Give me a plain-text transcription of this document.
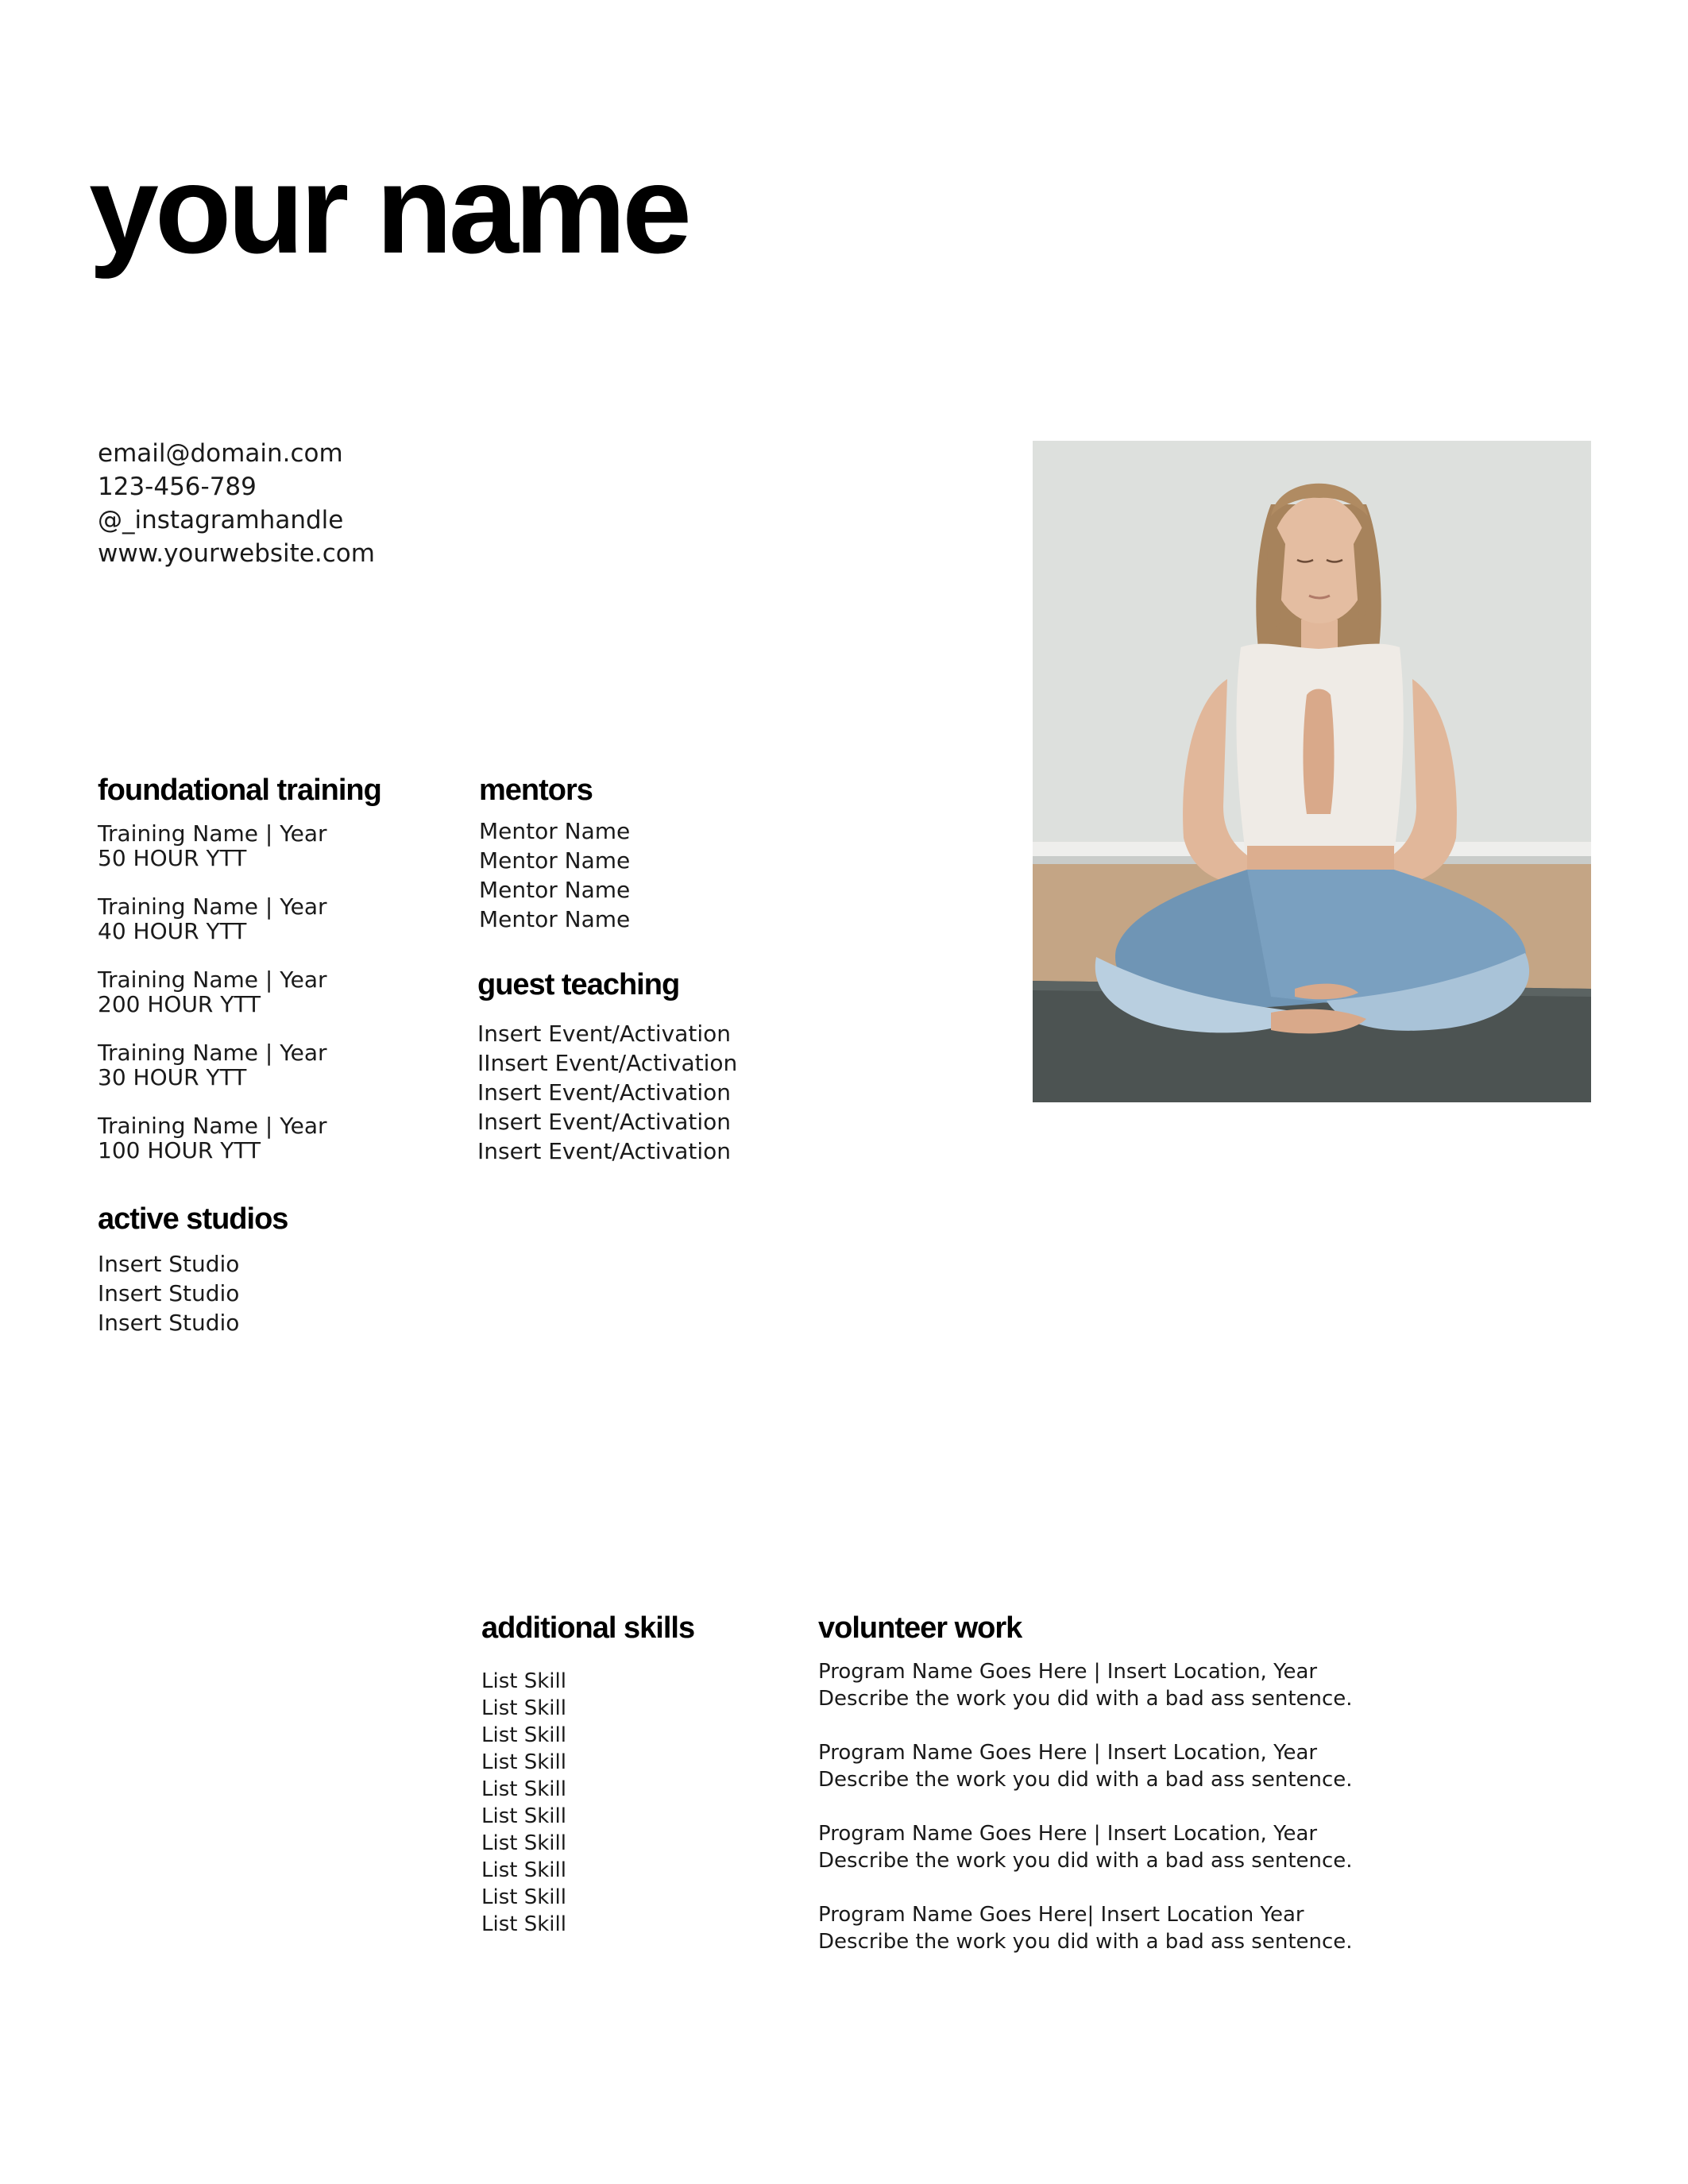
your name
email@domain.com
123-456-789
@_instagramhandle
www.yourwebsite.com
foundational training
Training Name | Year
50 HOUR YTT
Training Name | Year
40 HOUR YTT
Training Name | Year
200 HOUR YTT
Training Name | Year
30 HOUR YTT
Training Name | Year
100 HOUR YTT
active studios
Insert Studio
Insert Studio
Insert Studio
mentors
Mentor Name
Mentor Name
Mentor Name
Mentor Name
guest teaching
Insert Event/Activation
IInsert Event/Activation
Insert Event/Activation
Insert Event/Activation
Insert Event/Activation
additional skills
List Skill
List Skill
List Skill
List Skill
List Skill
List Skill
List Skill
List Skill
List Skill
List Skill
volunteer work
Program Name Goes Here | Insert Location, Year
Describe the work you did with a bad ass sentence.
Program Name Goes Here | Insert Location, Year
Describe the work you did with a bad ass sentence.
Program Name Goes Here | Insert Location, Year
Describe the work you did with a bad ass sentence.
Program Name Goes Here| Insert Location Year
Describe the work you did with a bad ass sentence.
